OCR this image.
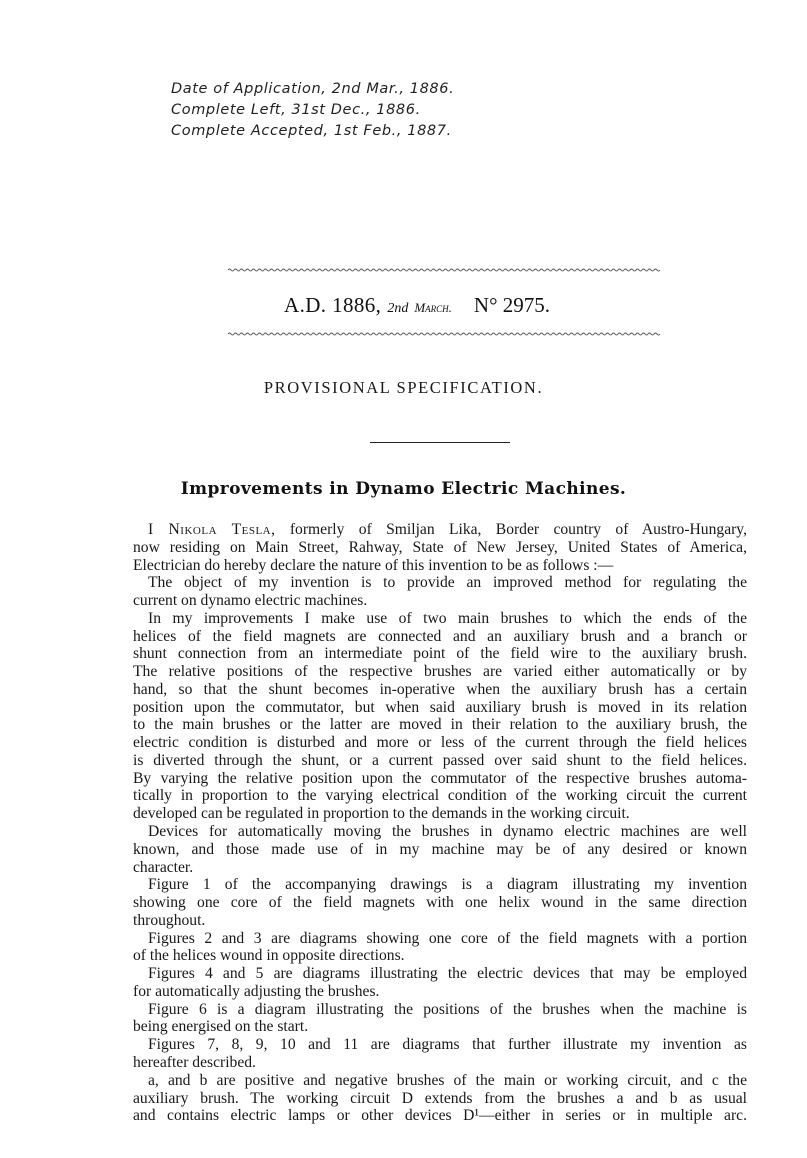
Date of Application, 2nd Mar., 1886.
Complete Left, 31st Dec., 1886.
Complete Accepted, 1st Feb., 1887.
A.D. 1886, 2nd March. N° 2975.
PROVISIONAL SPECIFICATION.
Improvements in Dynamo Electric Machines.
I Nikola Tesla, formerly of Smiljan Lika, Border country of Austro-Hungary,
now residing on Main Street, Rahway, State of New Jersey, United States of America,
Electrician do hereby declare the nature of this invention to be as follows :—
The object of my invention is to provide an improved method for regulating the
current on dynamo electric machines.
In my improvements I make use of two main brushes to which the ends of the
helices of the field magnets are connected and an auxiliary brush and a branch or
shunt connection from an intermediate point of the field wire to the auxiliary brush.
The relative positions of the respective brushes are varied either automatically or by
hand, so that the shunt becomes in-operative when the auxiliary brush has a certain
position upon the commutator, but when said auxiliary brush is moved in its relation
to the main brushes or the latter are moved in their relation to the auxiliary brush, the
electric condition is disturbed and more or less of the current through the field helices
is diverted through the shunt, or a current passed over said shunt to the field helices.
By varying the relative position upon the commutator of the respective brushes automa-
tically in proportion to the varying electrical condition of the working circuit the current
developed can be regulated in proportion to the demands in the working circuit.
Devices for automatically moving the brushes in dynamo electric machines are well
known, and those made use of in my machine may be of any desired or known
character.
Figure 1 of the accompanying drawings is a diagram illustrating my invention
showing one core of the field magnets with one helix wound in the same direction
throughout.
Figures 2 and 3 are diagrams showing one core of the field magnets with a portion
of the helices wound in opposite directions.
Figures 4 and 5 are diagrams illustrating the electric devices that may be employed
for automatically adjusting the brushes.
Figure 6 is a diagram illustrating the positions of the brushes when the machine is
being energised on the start.
Figures 7, 8, 9, 10 and 11 are diagrams that further illustrate my invention as
hereafter described.
a, and b are positive and negative brushes of the main or working circuit, and c the
auxiliary brush. The working circuit D extends from the brushes a and b as usual
and contains electric lamps or other devices D¹—either in series or in multiple arc.
